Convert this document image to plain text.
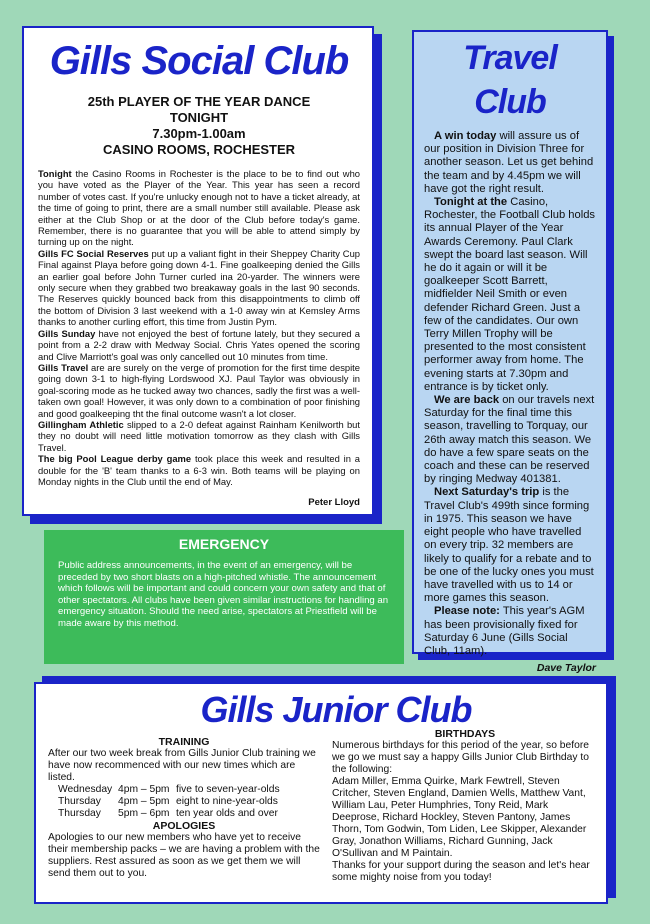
Gills Social Club
25th PLAYER OF THE YEAR DANCE
TONIGHT
7.30pm-1.00am
CASINO ROOMS, ROCHESTER

Tonight the Casino Rooms in Rochester is the place to be to find out who you have voted as the Player of the Year. This year has seen a record number of votes cast. If you're unlucky enough not to have a ticket already, at the time of going to print, there are a small number still available. Please ask either at the Club Shop or at the door of the Club before today's game. Remember, there is no guarantee that you will be able to attend simply by turning up on the night.

Gills FC Social Reserves put up a valiant fight in their Sheppey Charity Cup Final against Playa before going down 4-1. Fine goalkeeping denied the Gills an earlier goal before John Turner curled ina 20-yarder. The winners were only secure when they grabbed two breakaway goals in the last 90 seconds. The Reserves quickly bounced back from this disappointments to climb off the bottom of Division 3 last weekend with a 1-0 away win at Kemsley Arms thanks to another curling effort, this time from Justin Pym.

Gills Sunday have not enjoyed the best of fortune lately, but they secured a point from a 2-2 draw with Medway Social. Chris Yates opened the scoring and Clive Marriott's goal was only cancelled out 10 minutes from time.

Gills Travel are are surely on the verge of promotion for the first time despite going down 3-1 to high-flying Lordswood XJ. Paul Taylor was obviously in goal-scoring mode as he tucked away two chances, sadly the first was a well-taken own goal! However, it was only down to a combination of poor finishing and good goalkeeping tht the final outcome wasn't a lot closer.

Gillingham Athletic slipped to a 2-0 defeat against Rainham Kenilworth but they no doubt will need little motivation tomorrow as they clash with Gills Travel.

The big Pool League derby game took place this week and resulted in a double for the 'B' team thanks to a 6-3 win. Both teams will be playing on Monday nights in the Club until the end of May.

Peter Lloyd
Travel Club

A win today will assure us of our position in Division Three for another season. Let us get behind the team and by 4.45pm we will have got the right result.

Tonight at the Casino, Rochester, the Football Club holds its annual Player of the Year Awards Ceremony. Paul Clark swept the board last season. Will he do it again or will it be goalkeeper Scott Barrett, midfielder Neil Smith or even defender Richard Green. Just a few of the candidates. Our own Terry Millen Trophy will be presented to the most consistent performer away from home. The evening starts at 7.30pm and entrance is by ticket only.

We are back on our travels next Saturday for the final time this season, travelling to Torquay, our 26th away match this season. We do have a few spare seats on the coach and these can be reserved by ringing Medway 401381.

Next Saturday's trip is the Travel Club's 499th since forming in 1975. This season we have eight people who have travelled on every trip. 32 members are likely to qualify for a rebate and to be one of the lucky ones you must have travelled with us to 14 or more games this season.

Please note: This year's AGM has been provisionally fixed for Saturday 6 June (Gills Social Club, 11am).

Dave Taylor
EMERGENCY

Public address announcements, in the event of an emergency, will be preceded by two short blasts on a high-pitched whistle. The announcement which follows will be important and could concern your own safety and that of other spectators. All clubs have been given similar instructions for handling an emergency situation. Should the need arise, spectators at Priestfield will be made aware by this method.

Gills Junior Club
TRAINING

After our two week break from Gills Junior Club training we have now recommenced with our new times which are listed.

Wednesday 4pm – 5pm five to seven-year-olds
Thursday	4pm – 5pm eight to nine-year-olds
Thursday	5pm – 6pm ten year olds and over
APOLOGIES

Apologies to our new members who have yet to receive their membership packs – we are having a problem with the suppliers. Rest assured as soon as we get them we will send them out to you.

BIRTHDAYS

Numerous birthdays for this period of the year, so before we go we must say a happy Gills Junior Club Birthday to the following:

Adam Miller, Emma Quirke, Mark Fewtrell, Steven Critcher, Steven England, Damien Wells, Matthew Vant, William Lau, Peter Humphries, Tony Reid, Mark Deeprose, Richard Hockley, Steven Pantony, James Thorn, Tom Godwin, Tom Liden, Lee Skipper, Alexander Gray, Jonathon Williams, Richard Gunning, Jack O'Sullivan and M Paintain.

Thanks for your support during the season and let's hear some mighty noise from you today!
